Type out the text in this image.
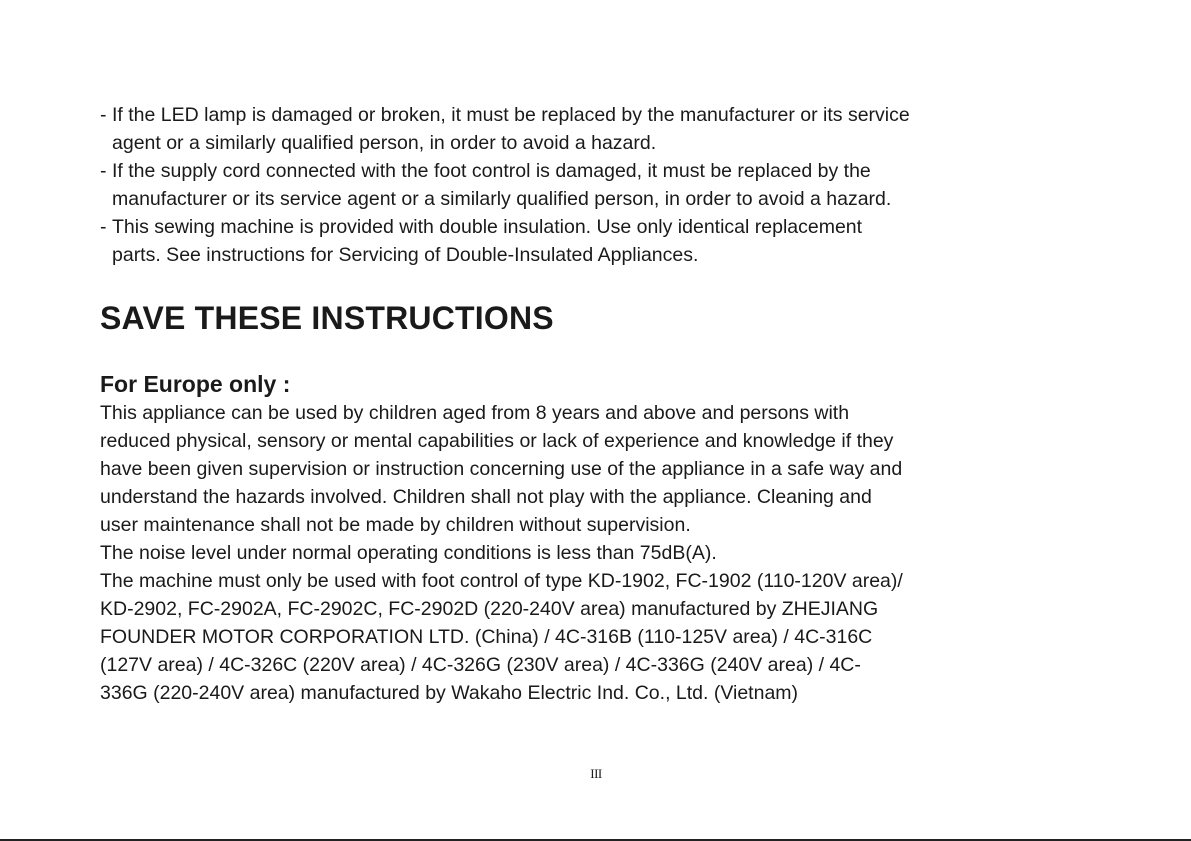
- If the LED lamp is damaged or broken, it must be replaced by the manufacturer or its service
agent or a similarly qualified person, in order to avoid a hazard.
- If the supply cord connected with the foot control is damaged, it must be replaced by the
manufacturer or its service agent or a similarly qualified person, in order to avoid a hazard.
- This sewing machine is provided with double insulation. Use only identical replacement
parts. See instructions for Servicing of Double-Insulated Appliances.
SAVE THESE INSTRUCTIONS
For Europe only :
This appliance can be used by children aged from 8 years and above and persons with
reduced physical, sensory or mental capabilities or lack of experience and knowledge if they
have been given supervision or instruction concerning use of the appliance in a safe way and
understand the hazards involved. Children shall not play with the appliance. Cleaning and
user maintenance shall not be made by children without supervision.
The noise level under normal operating conditions is less than 75dB(A).
The machine must only be used with foot control of type KD-1902, FC-1902 (110-120V area)/
KD-2902, FC-2902A, FC-2902C, FC-2902D (220-240V area) manufactured by ZHEJIANG
FOUNDER MOTOR CORPORATION LTD. (China) / 4C-316B (110-125V area) / 4C-316C
(127V area) / 4C-326C (220V area) / 4C-326G (230V area) / 4C-336G (240V area) / 4C-
336G (220-240V area) manufactured by Wakaho Electric Ind. Co., Ltd. (Vietnam)
III
